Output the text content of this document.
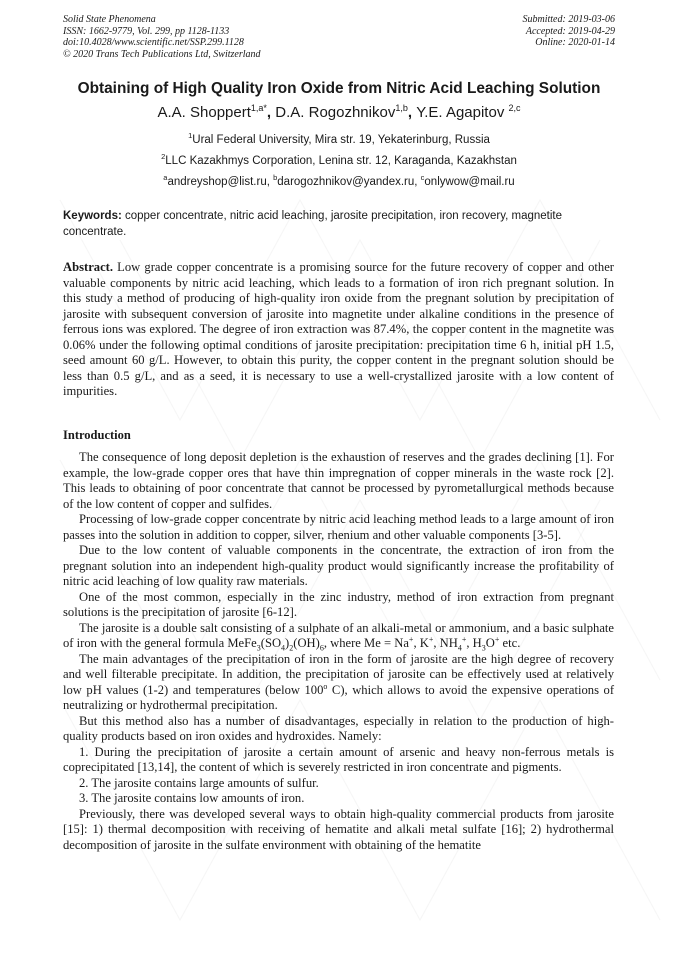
Solid State Phenomena
ISSN: 1662-9779, Vol. 299, pp 1128-1133
doi:10.4028/www.scientific.net/SSP.299.1128
© 2020 Trans Tech Publications Ltd, Switzerland
Submitted: 2019-03-06
Accepted: 2019-04-29
Online: 2020-01-14
Obtaining of High Quality Iron Oxide from Nitric Acid Leaching Solution
A.A. Shoppert$^{1,a*}$, D.A. Rogozhnikov$^{1,b}$, Y.E. Agapitov $^{2,c}$
$^1$Ural Federal University, Mira str. 19, Yekaterinburg, Russia
$^2$LLC Kazakhmys Corporation, Lenina str. 12, Karaganda, Kazakhstan
$^a$andreyshop@list.ru, $^b$darogozhnikov@yandex.ru, $^c$onlywow@mail.ru
Keywords: copper concentrate, nitric acid leaching, jarosite precipitation, iron recovery, magnetite concentrate.
Abstract. Low grade copper concentrate is a promising source for the future recovery of copper and other valuable components by nitric acid leaching, which leads to a formation of iron rich pregnant solution. In this study a method of producing of high-quality iron oxide from the pregnant solution by precipitation of jarosite with subsequent conversion of jarosite into magnetite under alkaline conditions in the presence of ferrous ions was explored. The degree of iron extraction was 87.4%, the copper content in the magnetite was 0.06% under the following optimal conditions of jarosite precipitation: precipitation time 6 h, initial pH 1.5, seed amount 60 g/L. However, to obtain this purity, the copper content in the pregnant solution should be less than 0.5 g/L, and as a seed, it is necessary to use a well-crystallized jarosite with a low content of impurities.
Introduction

The consequence of long deposit depletion is the exhaustion of reserves and the grades declining [1]. For example, the low-grade copper ores that have thin impregnation of copper minerals in the waste rock [2]. This leads to obtaining of poor concentrate that cannot be processed by pyrometallurgical methods because of the low content of copper and sulfides.

Processing of low-grade copper concentrate by nitric acid leaching method leads to a large amount of iron passes into the solution in addition to copper, silver, rhenium and other valuable components [3-5].

Due to the low content of valuable components in the concentrate, the extraction of iron from the pregnant solution into an independent high-quality product would significantly increase the profitability of nitric acid leaching of low quality raw materials.

One of the most common, especially in the zinc industry, method of iron extraction from pregnant solutions is the precipitation of jarosite [6-12].

The jarosite is a double salt consisting of a sulphate of an alkali-metal or ammonium, and a basic sulphate of iron with the general formula $MeFe_3(SO_4)_2(OH)_6$, where Me = Na+, K+, $NH_4^+$, $H_3O^+$ etc.

The main advantages of the precipitation of iron in the form of jarosite are the high degree of recovery and well filterable precipitate. In addition, the precipitation of jarosite can be effectively used at relatively low pH values (1-2) and temperatures (below 100$^o$ C), which allows to avoid the expensive operations of neutralizing or hydrothermal precipitation.

But this method also has a number of disadvantages, especially in relation to the production of high-quality products based on iron oxides and hydroxides. Namely:

1. During the precipitation of jarosite a certain amount of arsenic and heavy non-ferrous metals is coprecipitated [13,14], the content of which is severely restricted in iron concentrate and pigments.

2. The jarosite contains large amounts of sulfur.

3. The jarosite contains low amounts of iron.

Previously, there was developed several ways to obtain high-quality commercial products from jarosite [15]: 1) thermal decomposition with receiving of hematite and alkali metal sulfate [16]; 2) hydrothermal decomposition of jarosite in the sulfate environment with obtaining of the hematite
